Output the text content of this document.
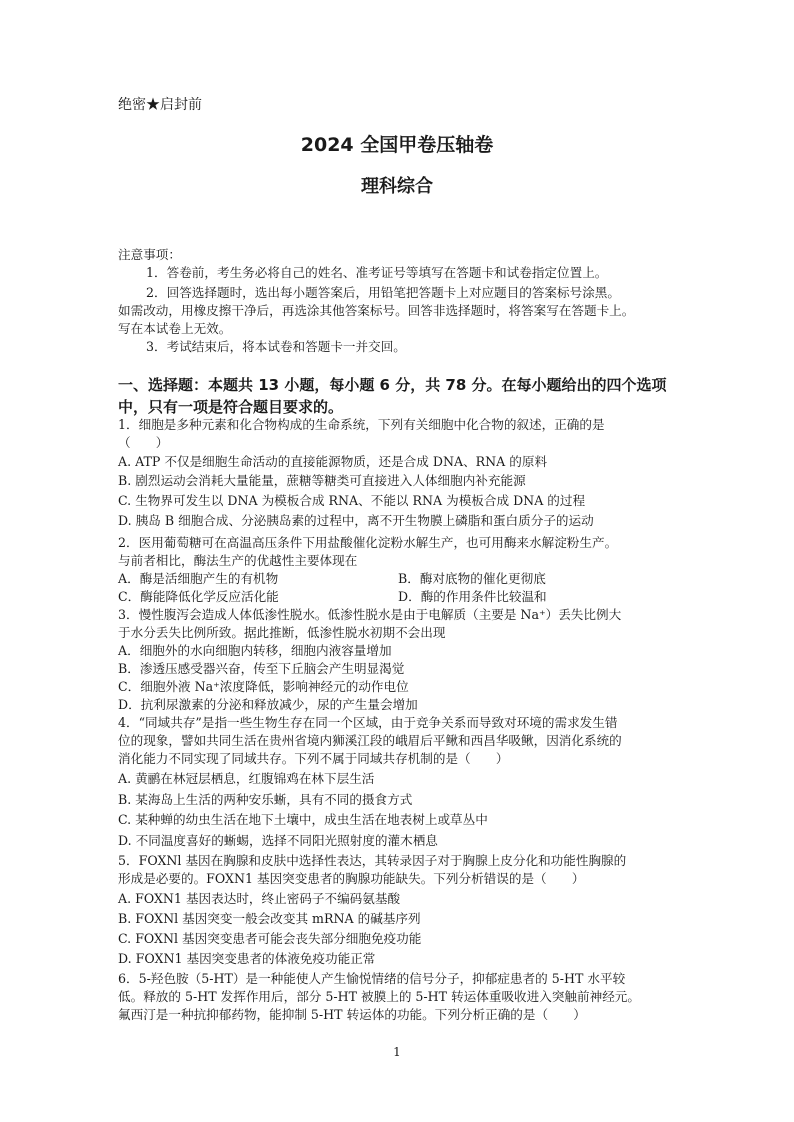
绝密★启封前
2024 全国甲卷压轴卷
理科综合
注意事项：
1．答卷前，考生务必将自己的姓名、准考证号等填写在答题卡和试卷指定位置上。
2．回答选择题时，选出每小题答案后，用铅笔把答题卡上对应题目的答案标号涂黑。
如需改动，用橡皮擦干净后，再选涂其他答案标号。回答非选择题时，将答案写在答题卡上。
写在本试卷上无效。
3．考试结束后，将本试卷和答题卡一并交回。
一、选择题：本题共 13 小题，每小题 6 分，共 78 分。在每小题给出的四个选项
中，只有一项是符合题目要求的。
1．细胞是多种元素和化合物构成的生命系统，下列有关细胞中化合物的叙述，正确的是
（　　）
A. ATP 不仅是细胞生命活动的直接能源物质，还是合成 DNA、RNA 的原料
B. 剧烈运动会消耗大量能量，蔗糖等糖类可直接进入人体细胞内补充能源
C. 生物界可发生以 DNA 为模板合成 RNA、不能以 RNA 为模板合成 DNA 的过程
D. 胰岛 B 细胞合成、分泌胰岛素的过程中，离不开生物膜上磷脂和蛋白质分子的运动
2．医用葡萄糖可在高温高压条件下用盐酸催化淀粉水解生产，也可用酶来水解淀粉生产。
与前者相比，酶法生产的优越性主要体现在
A．酶是活细胞产生的有机物	B．酶对底物的催化更彻底
C．酶能降低化学反应活化能	D．酶的作用条件比较温和
3．慢性腹泻会造成人体低渗性脱水。低渗性脱水是由于电解质（主要是 Na⁺）丢失比例大
于水分丢失比例所致。据此推断，低渗性脱水初期不会出现
A．细胞外的水向细胞内转移，细胞内液容量增加
B．渗透压感受器兴奋，传至下丘脑会产生明显渴觉
C．细胞外液 Na⁺浓度降低，影响神经元的动作电位
D．抗利尿激素的分泌和释放减少，尿的产生量会增加
4．“同域共存”是指一些生物生存在同一个区域，由于竞争关系而导致对环境的需求发生错
位的现象，譬如共同生活在贵州省境内狮溪江段的峨眉后平鳅和西昌华吸鳅，因消化系统的
消化能力不同实现了同域共存。下列不属于同域共存机制的是（　　）
A. 黄鹂在林冠层栖息，红腹锦鸡在林下层生活
B. 某海岛上生活的两种安乐蜥，具有不同的摄食方式
C. 某种蝉的幼虫生活在地下土壤中，成虫生活在地表树上或草丛中
D. 不同温度喜好的蜥蜴，选择不同阳光照射度的灌木栖息
5．FOXNl 基因在胸腺和皮肤中选择性表达，其转录因子对于胸腺上皮分化和功能性胸腺的
形成是必要的。FOXN1 基因突变患者的胸腺功能缺失。下列分析错误的是（　　）
A. FOXN1 基因表达时，终止密码子不编码氨基酸
B. FOXNl 基因突变一般会改变其 mRNA 的碱基序列
C. FOXNl 基因突变患者可能会丧失部分细胞免疫功能
D. FOXN1 基因突变患者的体液免疫功能正常
6．5-羟色胺（5-HT）是一种能使人产生愉悦情绪的信号分子，抑郁症患者的 5-HT 水平较
低。释放的 5-HT 发挥作用后，部分 5-HT 被膜上的 5-HT 转运体重吸收进入突触前神经元。
氟西汀是一种抗抑郁药物，能抑制 5-HT 转运体的功能。下列分析正确的是（　　）
1
